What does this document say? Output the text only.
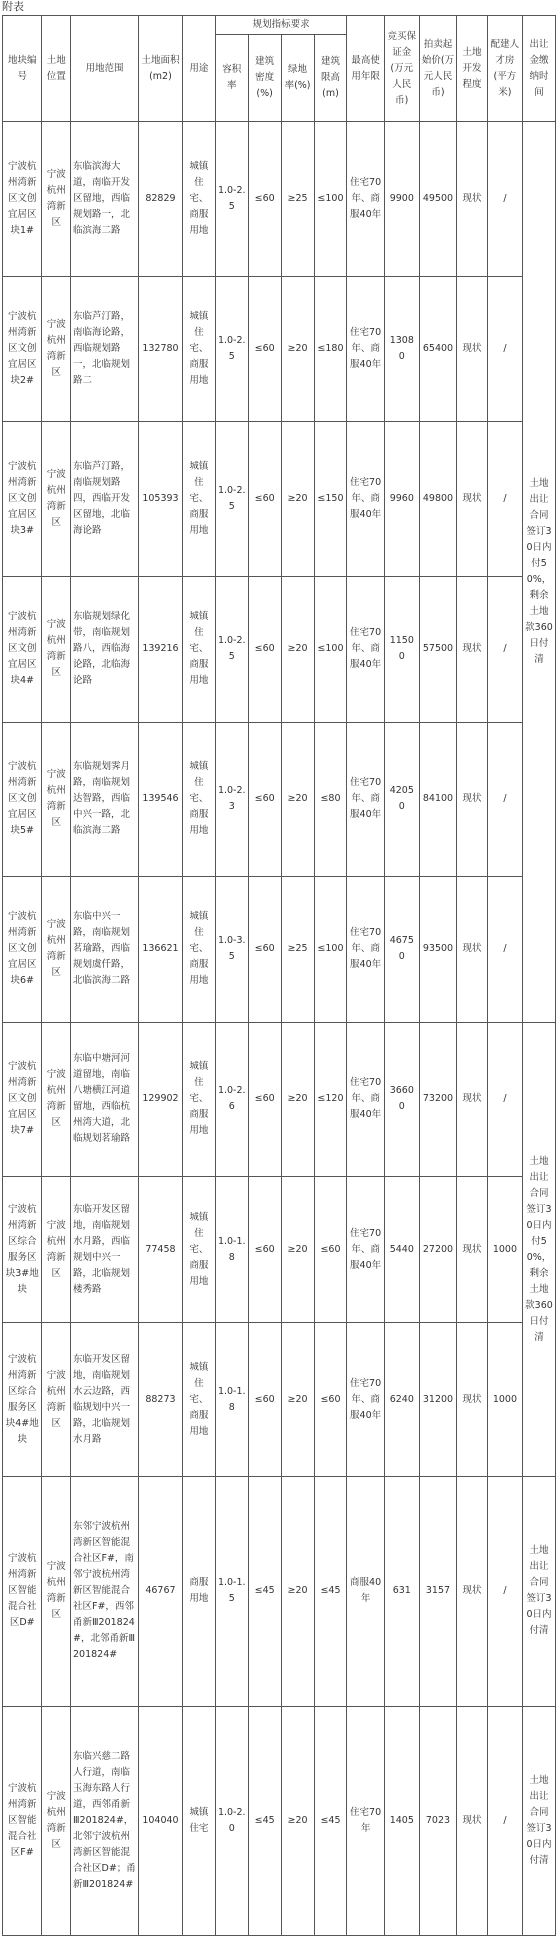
附表
地块编号	土地位置	用地范围	土地面积(m2)	用途	规划指标要求				最高使用年限	竞买保证金(万元人民币)	拍卖起始价(万元人民币)	土地开发程度	配建人才房(平方米)	出让金缴纳时间
					容积率	建筑密度(%)	绿地率(%)	建筑限高(m)						
宁波杭州湾新区文创宜居区块1#	宁波杭州湾新区	东临滨海大道，南临开发区留地，西临规划路一，北临滨海二路	82829	城镇住宅、商服用地	1.0-2.5	≤60	≥25	≤100	住宅70年、商服40年	9900	49500	现状	/	土地出让合同签订30日内付50%，剩余土地款360日付清
宁波杭州湾新区文创宜居区块2#	宁波杭州湾新区	东临芦汀路，南临海论路，西临规划路一，北临规划路二	132780	城镇住宅、商服用地	1.0-2.5	≤60	≥20	≤180	住宅70年、商服40年	13080	65400	现状	/	
宁波杭州湾新区文创宜居区块3#	宁波杭州湾新区	东临芦汀路，南临规划路四，西临开发区留地，北临海论路	105393	城镇住宅、商服用地	1.0-2.5	≤60	≥20	≤150	住宅70年、商服40年	9960	49800	现状	/	
宁波杭州湾新区文创宜居区块4#	宁波杭州湾新区	东临规划绿化带，南临规划路八，西临海论路，北临海论路	139216	城镇住宅、商服用地	1.0-2.5	≤60	≥20	≤100	住宅70年、商服40年	11500	57500	现状	/	
宁波杭州湾新区文创宜居区块5#	宁波杭州湾新区	东临规划霁月路，南临规划达智路，西临中兴一路，北临滨海二路	139546	城镇住宅、商服用地	1.0-2.3	≤60	≥20	≤80	住宅70年、商服40年	42050	84100	现状	/	
宁波杭州湾新区文创宜居区块6#	宁波杭州湾新区	东临中兴一路，南临规划茗瑜路，西临规划虞仟路，北临滨海二路	136621	城镇住宅、商服用地	1.0-3.5	≤60	≥25	≤100	住宅70年、商服40年	46750	93500	现状	/	
宁波杭州湾新区文创宜居区块7#	宁波杭州湾新区	东临中塘河河道留地，南临八塘横江河道留地，西临杭州湾大道，北临规划茗瑜路	129902	城镇住宅、商服用地	1.0-2.6	≤60	≥20	≤120	住宅70年、商服40年	36600	73200	现状	/	土地出让合同签订30日内付50%，剩余土地款360日付清
宁波杭州湾新区综合服务区块3#地块	宁波杭州湾新区	东临开发区留地，南临规划水月路，西临规划中兴一路，北临规划楼秀路	77458	城镇住宅、商服用地	1.0-1.8	≤60	≥20	≤60	住宅70年、商服40年	5440	27200	现状	1000	
宁波杭州湾新区综合服务区块4#地块	宁波杭州湾新区	东临开发区留地，南临规划水云边路，西临规划中兴一路，北临规划水月路	88273	城镇住宅、商服用地	1.0-1.8	≤60	≥20	≤60	住宅70年、商服40年	6240	31200	现状	1000	
宁波杭州湾新区智能混合社区D#	宁波杭州湾新区	东邻宁波杭州湾新区智能混合社区F#，南邻宁波杭州湾新区智能混合社区F#，西邻甬新Ⅲ201824#，北邻甬新Ⅲ201824#	46767	商服用地	1.0-1.5	≤45	≥20	≤45	商服40年	631	3157	现状	/	土地出让合同签订30日内付清
宁波杭州湾新区智能混合社区F#	宁波杭州湾新区	东临兴慈二路人行道，南临玉海东路人行道，西邻甬新Ⅲ201824#，北邻宁波杭州湾新区智能混合社区D#；甬新Ⅲ201824#	104040	城镇住宅	1.0-2.0	≤45	≥20	≤45	住宅70年	1405	7023	现状	/	土地出让合同签订30日内付清
